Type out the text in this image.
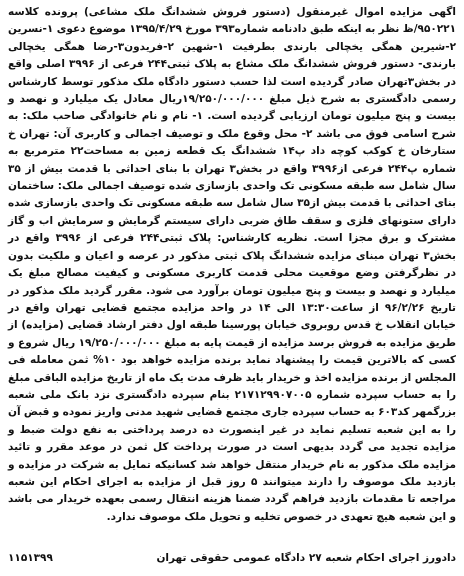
اگهی مزایده اموال غیرمنقول (دستور فروش ششدانگ ملک مشاعی) پرونده کلاسه ۹۵۰۲۲۱/ظ نظر به اینکه طبق دادنامه شماره۳۹۳ مورخ ۱۳۹۵/۴/۲۹ موضوع دعوی ۱-نسرین ۲-شیرین همگی یخچالی بارندی بطرفیت ۱-شهین ۲-فریدون۳-رضا همگی یخچالی بارندی- دستور فروش ششدانگ ملک مشاع به پلاک ثبتی۲۴۴ فرعی از ۳۹۹۶ اصلی واقع در بخش۳تهران صادر گردیده است لذا حسب دستور دادگاه ملک مذکور توسط کارشناس رسمی دادگستری به شرح ذیل مبلغ ۱۹/۲۵۰/۰۰۰/۰۰۰ریال معادل یک میلیارد و نهصد و بیست و پنج میلیون تومان ارزیابی گردیده است. ۱- نام و نام خانوادگی صاحب ملک: به شرح اسامی فوق می باشد ۲- محل وقوع ملک و توصیف اجمالی و کاربری آن: تهران خ ستارخان خ کوکب کوچه داد پ۱۴ ششدانگ یک قطعه زمین به مساحت۲۲ مترمربع به شماره پ۲۴۴ فرعی از۳۹۹۶ واقع در بخش۳ تهران با بنای احداثی با قدمت بیش از ۳۵ سال شامل سه طبقه مسکونی تک واحدی بازسازی شده توصیف اجمالی ملک: ساختمان بنای احداثی با قدمت بیش از۳۵ سال شامل سه طبقه مسکونی تک واحدی بازسازی شده دارای ستونهای فلزی و سقف طاق ضربی دارای سیستم گرمایش و سرمایش اب و گاز مشترک و برق مجزا است. نظریه کارشناس: پلاک ثبتی۲۴۴ فرعی از ۳۹۹۶ واقع در بخش۳ تهران مبنای مزایده ششدانگ پلاک ثبتی مذکور در عرصه و اعیان و ملکیت بدون در نظرگرفتن وضع موقعیت محلی قدمت کاربری مسکونی و کیفیت مصالح مبلغ یک میلیارد و نهصد و بیست و پنج میلیون تومان برآورد می شود. مقرر گردید ملک مذکور در تاریخ ۹۶/۲/۲۶ از ساعت۱۳:۳۰ الی ۱۴ در واحد مزایده مجتمع قضایی تهران واقع در خیابان انقلاب خ قدس روبروی خیابان پورسینا طبقه اول دفتر ارشاد قضایی (مزایده) از طریق مزایده به فروش برسد مزایده از قیمت پایه به مبلغ ۱۹/۲۵۰/۰۰۰/۰۰۰ ریال شروع و کسی که بالاترین قیمت را پیشنهاد نماید برنده مزایده خواهد بود ۱۰% ثمن معامله فی المجلس از برنده مزایده اخذ و خریدار باید ظرف مدت یک ماه از تاریخ مزایده الباقی مبلغ را به حساب سپرده شماره ۲۱۷۱۲۹۹۰۷۰۰۵ بنام سپرده دادگستری نزد بانک ملی شعبه بزرگمهر کد۶۰۳ به حساب سپرده جاری مجتمع قضایی شهید مدنی واریز نموده و قبض آن را به این شعبه تسلیم نماید در غیر اینصورت ده درصد پرداختی به نفع دولت ضبط و مزایده تجدید می گردد بدیهی است در صورت پرداخت کل ثمن در موعد مقرر و تائید مزایده ملک مذکور به نام خریدار منتقل خواهد شد کسانیکه تمایل به شرکت در مزایده و بازدید ملک موصوف را دارند میتوانند ۵ روز قبل از مزایده به اجرای احکام این شعبه مراجعه تا مقدمات بازدید فراهم گردد ضمنا هزینه انتقال رسمی بعهده خریدار می باشد و این شعبه هیچ تعهدی در خصوص تخلیه و تحویل ملک موصوف ندارد.

دادورز اجرای احکام شعبه ۲۷ دادگاه عمومی حقوقی تهران
۱۱۵۱۳۹۹
